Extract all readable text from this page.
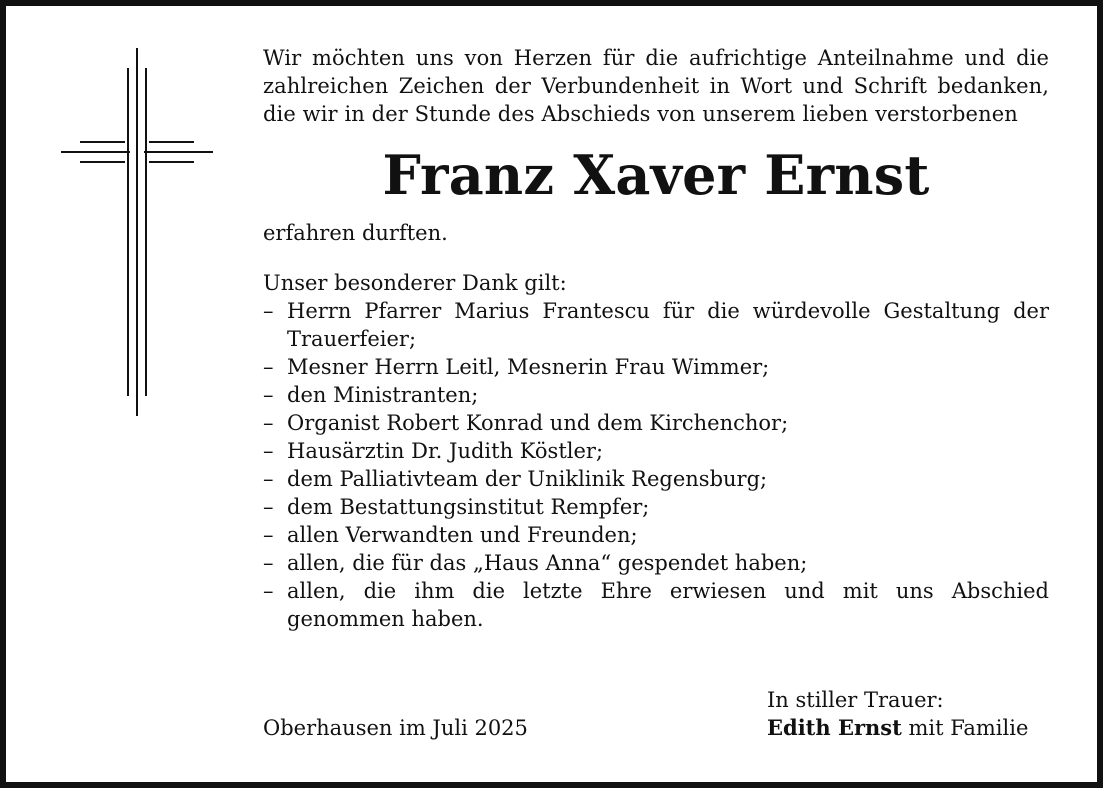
Wir möchten uns von Herzen für die aufrichtige Anteilnahme und die zahlreichen Zeichen der Verbundenheit in Wort und Schrift bedanken, die wir in der Stunde des Abschieds von unserem lieben verstorbenen

Franz Xaver Ernst

erfahren durften.

Unser besonderer Dank gilt:

– Herrn Pfarrer Marius Frantescu für die würdevolle Gestaltung der Trauerfeier;
– Mesner Herrn Leitl, Mesnerin Frau Wimmer;
– den Ministranten;
– Organist Robert Konrad und dem Kirchenchor;
– Hausärztin Dr. Judith Köstler;
– dem Palliativteam der Uniklinik Regensburg;
– dem Bestattungsinstitut Rempfer;
– allen Verwandten und Freunden;
– allen, die für das „Haus Anna“ gespendet haben;
– allen, die ihm die letzte Ehre erwiesen und mit uns Abschied genommen haben.
In stiller Trauer:
Edith Ernst mit Familie
Oberhausen im Juli 2025
